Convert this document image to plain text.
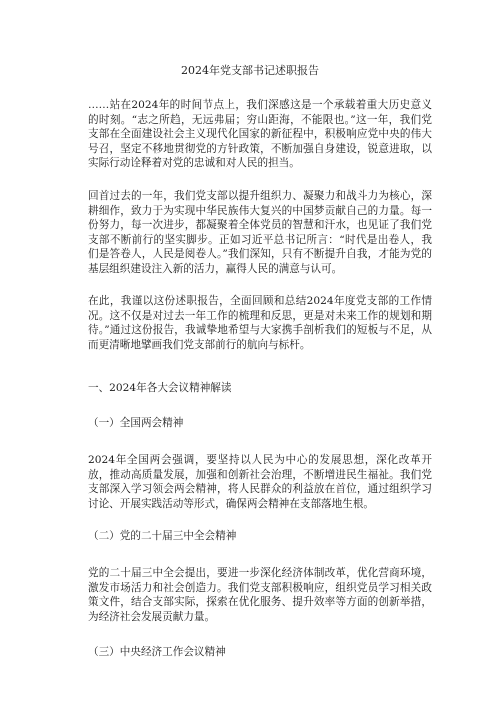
2024年党支部书记述职报告
……站在2024年的时间节点上，我们深感这是一个承载着重大历史意义的时刻。“志之所趋，无远弗届；穷山距海，不能限也。”这一年，我们党支部在全面建设社会主义现代化国家的新征程中，积极响应党中央的伟大号召，坚定不移地贯彻党的方针政策，不断加强自身建设，锐意进取，以实际行动诠释着对党的忠诚和对人民的担当。
回首过去的一年，我们党支部以提升组织力、凝聚力和战斗力为核心，深耕细作，致力于为实现中华民族伟大复兴的中国梦贡献自己的力量。每一份努力，每一次进步，都凝聚着全体党员的智慧和汗水，也见证了我们党支部不断前行的坚实脚步。正如习近平总书记所言：“时代是出卷人，我们是答卷人，人民是阅卷人。”我们深知，只有不断提升自我，才能为党的基层组织建设注入新的活力，赢得人民的满意与认可。
在此，我谨以这份述职报告，全面回顾和总结2024年度党支部的工作情况。这不仅是对过去一年工作的梳理和反思，更是对未来工作的规划和期待。”通过这份报告，我诚挚地希望与大家携手剖析我们的短板与不足，从而更清晰地擘画我们党支部前行的航向与标杆。
一、2024年各大会议精神解读
（一）全国两会精神
2024年全国两会强调，要坚持以人民为中心的发展思想，深化改革开放，推动高质量发展，加强和创新社会治理，不断增进民生福祉。我们党支部深入学习领会两会精神，将人民群众的利益放在首位，通过组织学习讨论、开展实践活动等形式，确保两会精神在支部落地生根。
（二）党的二十届三中全会精神
党的二十届三中全会提出，要进一步深化经济体制改革，优化营商环境，激发市场活力和社会创造力。我们党支部积极响应，组织党员学习相关政策文件，结合支部实际，探索在优化服务、提升效率等方面的创新举措，为经济社会发展贡献力量。
（三）中央经济工作会议精神
